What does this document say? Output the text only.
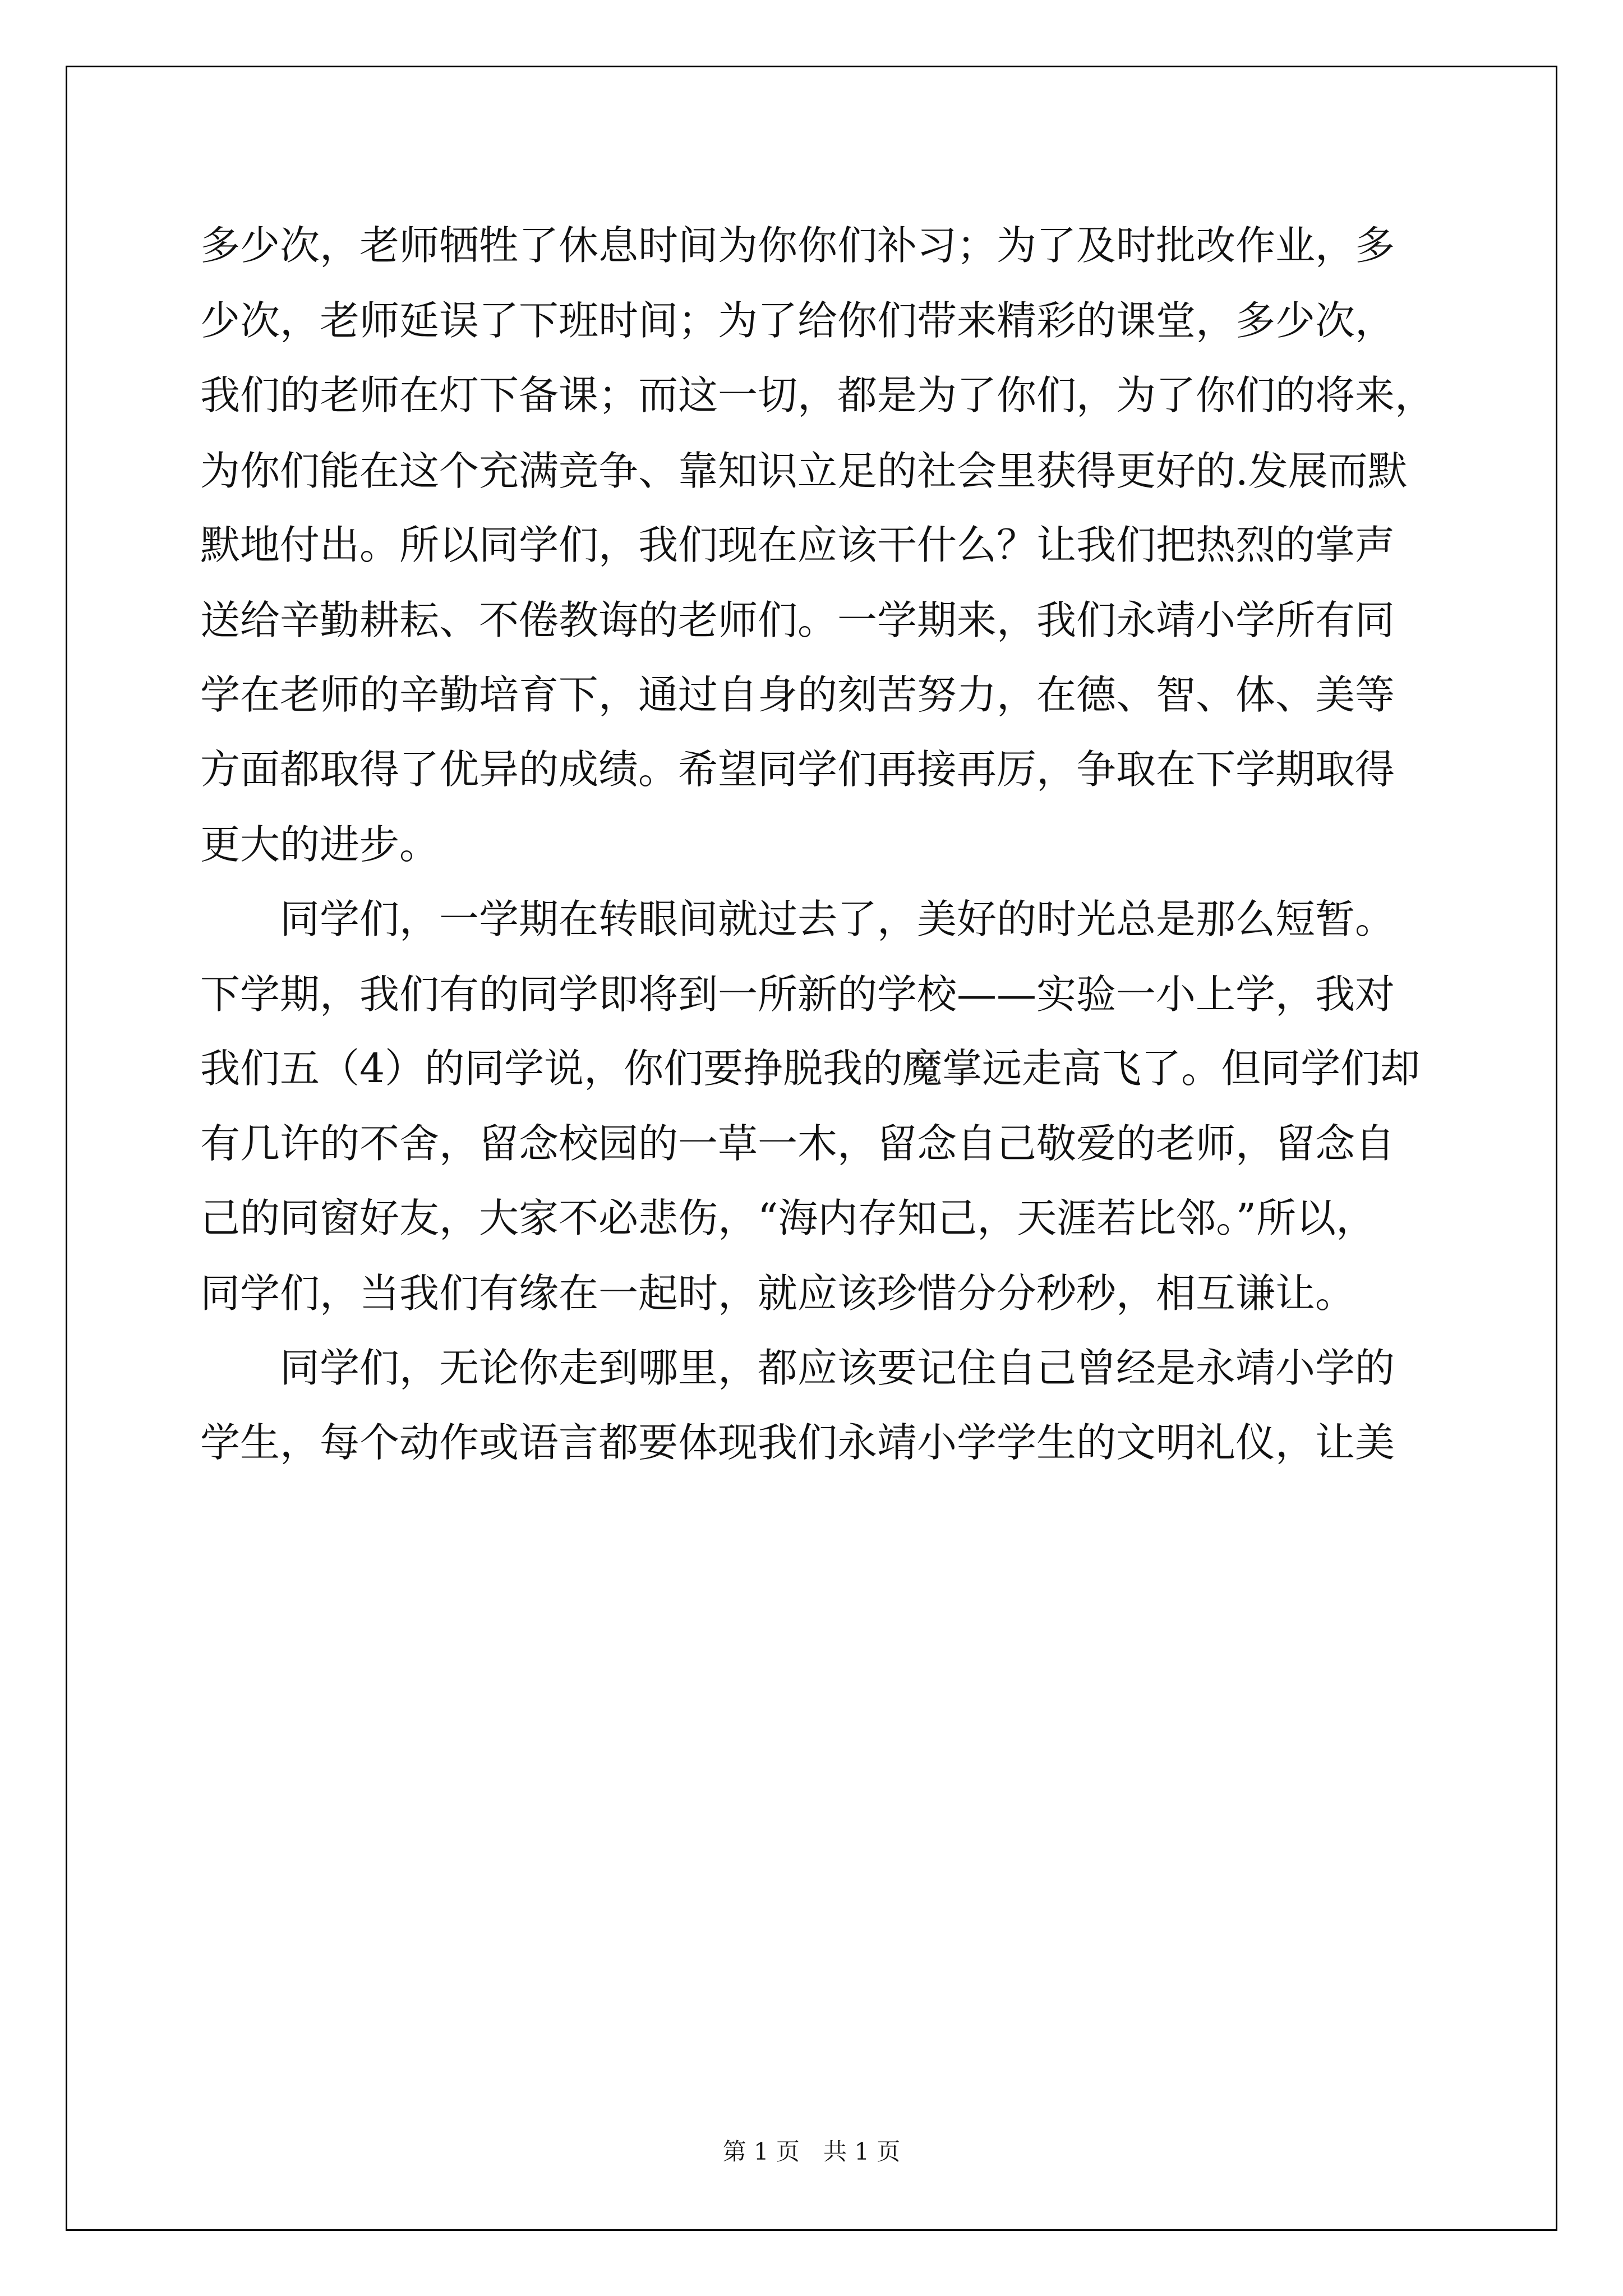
多少次，老师牺牲了休息时间为你你们补习；为了及时批改作业，多
少次，老师延误了下班时间；为了给你们带来精彩的课堂，多少次，
我们的老师在灯下备课；而这一切，都是为了你们，为了你们的将来，
为你们能在这个充满竞争、靠知识立足的社会里获得更好的.发展而默
默地付出。所以同学们，我们现在应该干什么？让我们把热烈的掌声
送给辛勤耕耘、不倦教诲的老师们。一学期来，我们永靖小学所有同
学在老师的辛勤培育下，通过自身的刻苦努力，在德、智、体、美等
方面都取得了优异的成绩。希望同学们再接再厉，争取在下学期取得
更大的进步。
　　同学们，一学期在转眼间就过去了，美好的时光总是那么短暂。
下学期，我们有的同学即将到一所新的学校——实验一小上学，我对
我们五（4）的同学说，你们要挣脱我的魔掌远走高飞了。但同学们却
有几许的不舍，留念校园的一草一木，留念自己敬爱的老师，留念自
己的同窗好友，大家不必悲伤，“海内存知己，天涯若比邻。”所以，
同学们，当我们有缘在一起时，就应该珍惜分分秒秒，相互谦让。
　　同学们，无论你走到哪里，都应该要记住自己曾经是永靖小学的
学生，每个动作或语言都要体现我们永靖小学学生的文明礼仪，让美
第 1 页　共 1 页
